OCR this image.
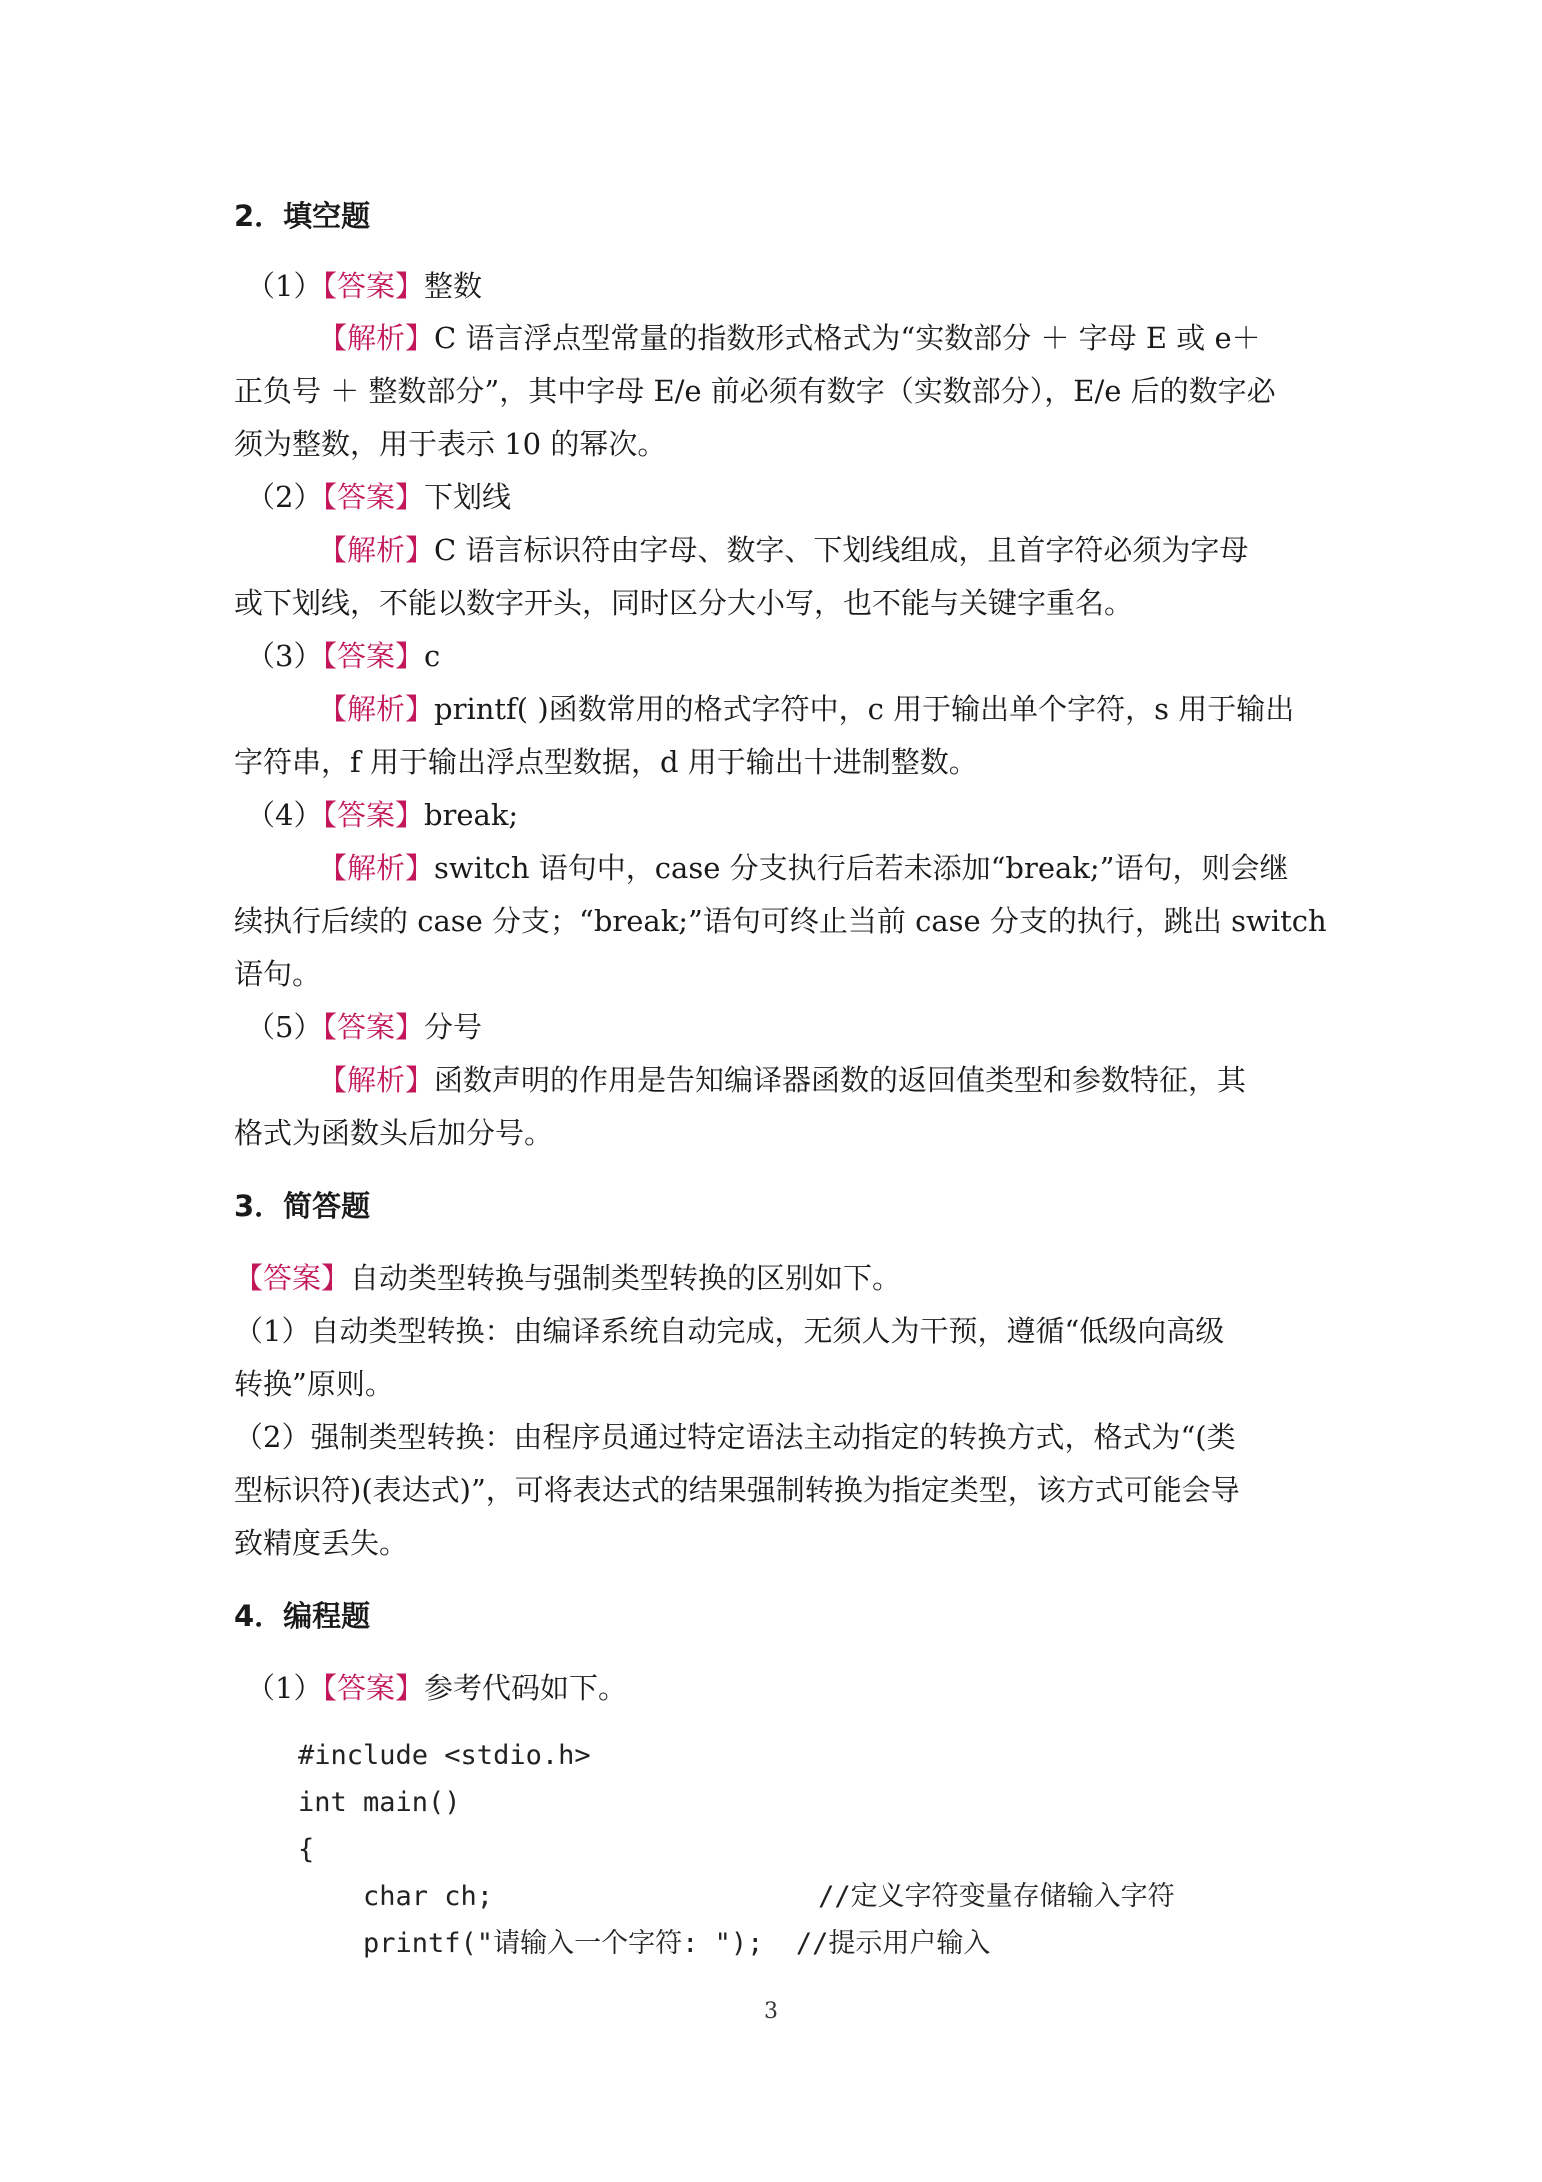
2．填空题
（1）【答案】整数
【解析】C 语言浮点型常量的指数形式格式为“实数部分 ＋ 字母 E 或 e＋
正负号 ＋ 整数部分”，其中字母 E/e 前必须有数字（实数部分），E/e 后的数字必
须为整数，用于表示 10 的幂次。
（2）【答案】下划线
【解析】C 语言标识符由字母、数字、下划线组成，且首字符必须为字母
或下划线，不能以数字开头，同时区分大小写，也不能与关键字重名。
（3）【答案】c
【解析】printf( )函数常用的格式字符中，c 用于输出单个字符，s 用于输出
字符串，f 用于输出浮点型数据，d 用于输出十进制整数。
（4）【答案】break;
【解析】switch 语句中，case 分支执行后若未添加“break;”语句，则会继
续执行后续的 case 分支；“break;”语句可终止当前 case 分支的执行，跳出 switch
语句。
（5）【答案】分号
【解析】函数声明的作用是告知编译器函数的返回值类型和参数特征，其
格式为函数头后加分号。
3．简答题
【答案】自动类型转换与强制类型转换的区别如下。
（1）自动类型转换：由编译系统自动完成，无须人为干预，遵循“低级向高级
转换”原则。
（2）强制类型转换：由程序员通过特定语法主动指定的转换方式，格式为“(类
型标识符)(表达式)”，可将表达式的结果强制转换为指定类型，该方式可能会导
致精度丢失。
4．编程题
（1）【答案】参考代码如下。
#include <stdio.h>
int main()
{
char ch;                    //定义字符变量存储输入字符
printf("请输入一个字符: ");  //提示用户输入
3
